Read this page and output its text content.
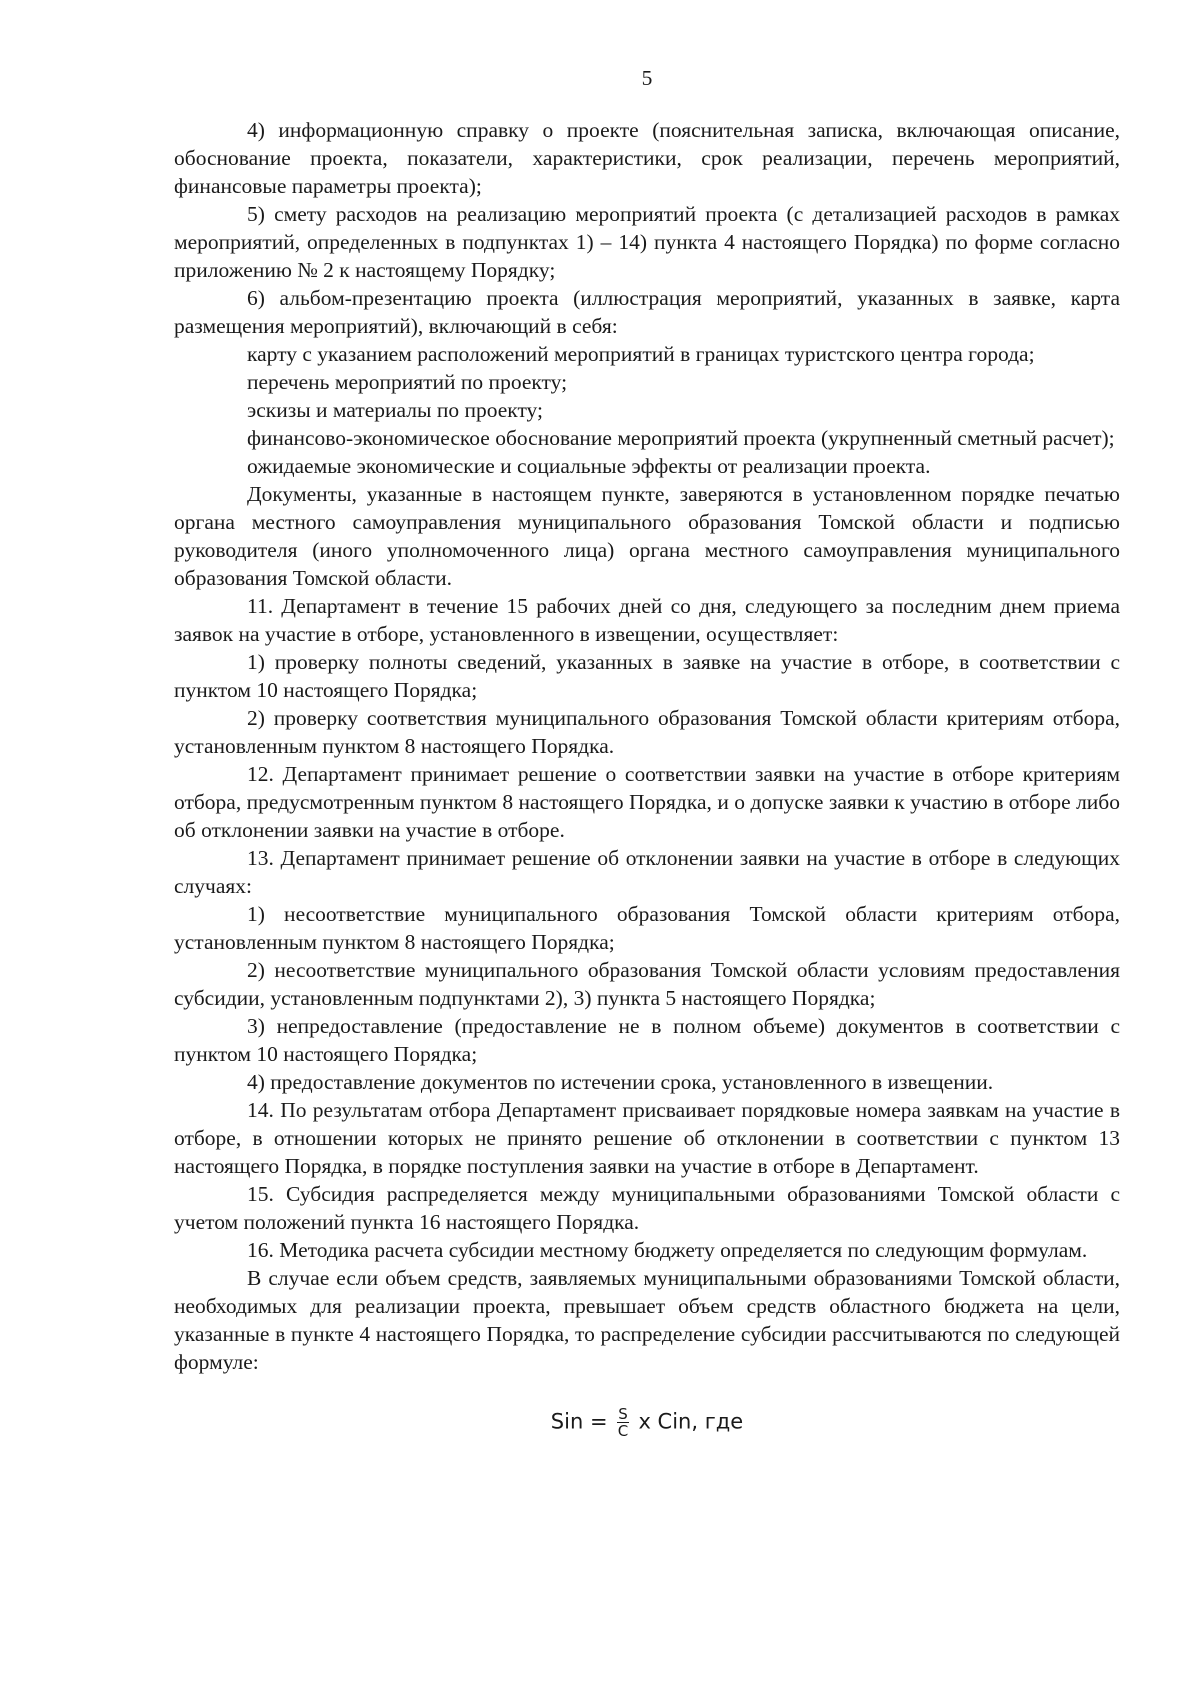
5

4) информационную справку о проекте (пояснительная записка, включающая описание, обоснование проекта, показатели, характеристики, срок реализации, перечень мероприятий, финансовые параметры проекта);

5) смету расходов на реализацию мероприятий проекта (с детализацией расходов в рамках мероприятий, определенных в подпунктах 1) – 14) пункта 4 настоящего Порядка) по форме согласно приложению № 2 к настоящему Порядку;

6) альбом-презентацию проекта (иллюстрация мероприятий, указанных в заявке, карта размещения мероприятий), включающий в себя:

карту с указанием расположений мероприятий в границах туристского центра города;

перечень мероприятий по проекту;

эскизы и материалы по проекту;

финансово-экономическое обоснование мероприятий проекта (укрупненный сметный расчет);

ожидаемые экономические и социальные эффекты от реализации проекта.

Документы, указанные в настоящем пункте, заверяются в установленном порядке печатью органа местного самоуправления муниципального образования Томской области и подписью руководителя (иного уполномоченного лица) органа местного самоуправления муниципального образования Томской области.

11. Департамент в течение 15 рабочих дней со дня, следующего за последним днем приема заявок на участие в отборе, установленного в извещении, осуществляет:

1) проверку полноты сведений, указанных в заявке на участие в отборе, в соответствии с пунктом 10 настоящего Порядка;

2) проверку соответствия муниципального образования Томской области критериям отбора, установленным пунктом 8 настоящего Порядка.

12. Департамент принимает решение о соответствии заявки на участие в отборе критериям отбора, предусмотренным пунктом 8 настоящего Порядка, и о допуске заявки к участию в отборе либо об отклонении заявки на участие в отборе.

13. Департамент принимает решение об отклонении заявки на участие в отборе в следующих случаях:

1) несоответствие муниципального образования Томской области критериям отбора, установленным пунктом 8 настоящего Порядка;

2) несоответствие муниципального образования Томской области условиям предоставления субсидии, установленным подпунктами 2), 3) пункта 5 настоящего Порядка;

3) непредоставление (предоставление не в полном объеме) документов в соответствии с пунктом 10 настоящего Порядка;

4) предоставление документов по истечении срока, установленного в извещении.

14. По результатам отбора Департамент присваивает порядковые номера заявкам на участие в отборе, в отношении которых не принято решение об отклонении в соответствии с пунктом 13 настоящего Порядка, в порядке поступления заявки на участие в отборе в Департамент.

15. Субсидия распределяется между муниципальными образованиями Томской области с учетом положений пункта 16 настоящего Порядка.

16. Методика расчета субсидии местному бюджету определяется по следующим формулам.

В случае если объем средств, заявляемых муниципальными образованиями Томской области, необходимых для реализации проекта, превышает объем средств областного бюджета на цели, указанные в пункте 4 настоящего Порядка, то распределение субсидии рассчитываются по следующей формуле:

Sin = $\frac{S}{C}$ x Cin, где
